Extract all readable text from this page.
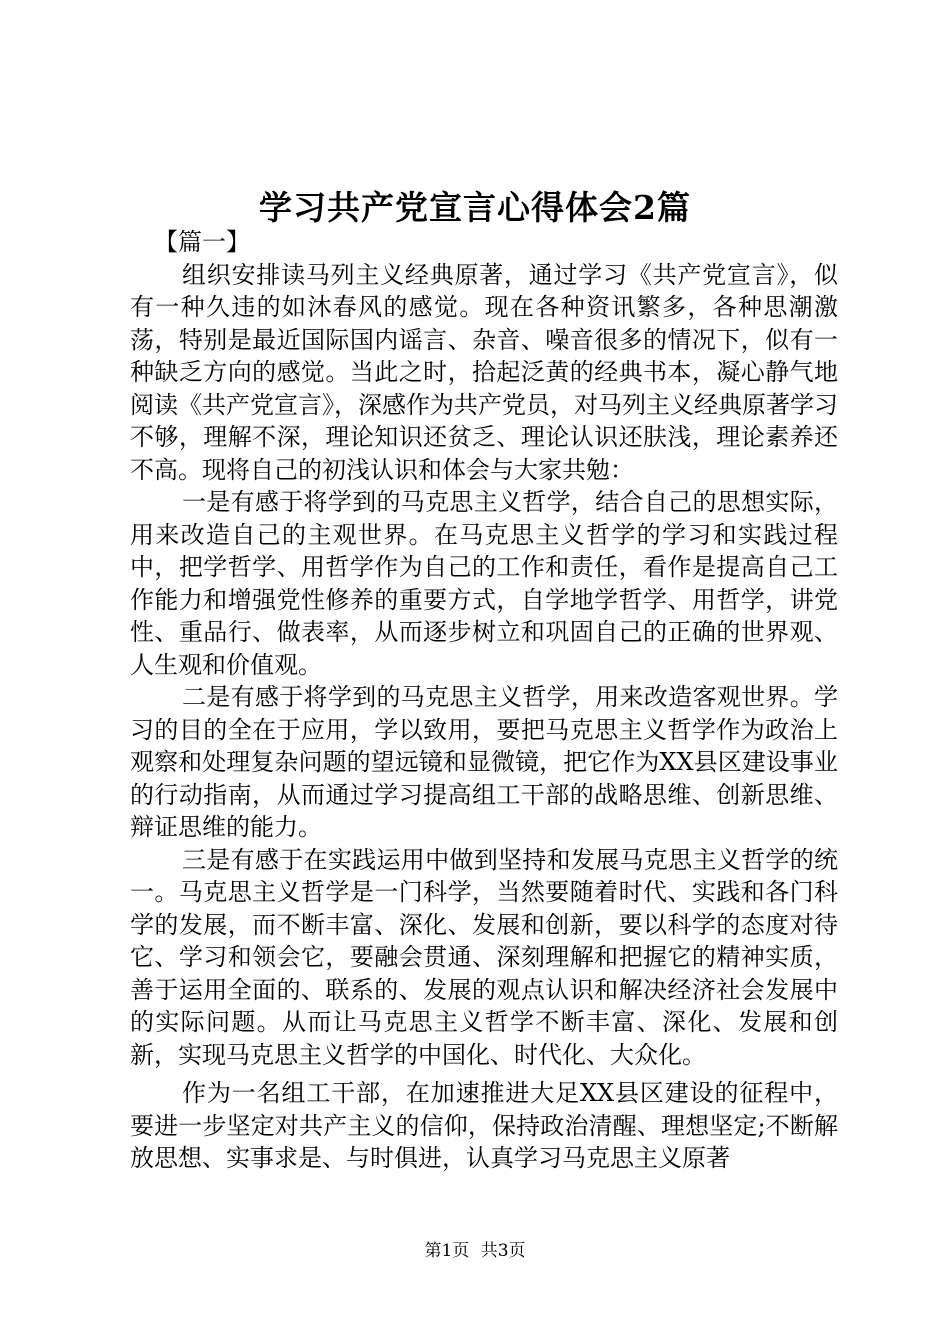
学习共产党宣言心得体会2篇

【篇一】

组织安排读马列主义经典原著，通过学习《共产党宣言》，似有一种久违的如沐春风的感觉。现在各种资讯繁多，各种思潮激荡，特别是最近国际国内谣言、杂音、噪音很多的情况下，似有一种缺乏方向的感觉。当此之时，拾起泛黄的经典书本，凝心静气地阅读《共产党宣言》，深感作为共产党员，对马列主义经典原著学习不够，理解不深，理论知识还贫乏、理论认识还肤浅，理论素养还不高。现将自己的初浅认识和体会与大家共勉：

一是有感于将学到的马克思主义哲学，结合自己的思想实际，用来改造自己的主观世界。在马克思主义哲学的学习和实践过程中，把学哲学、用哲学作为自己的工作和责任，看作是提高自己工作能力和增强党性修养的重要方式，自学地学哲学、用哲学，讲党性、重品行、做表率，从而逐步树立和巩固自己的正确的世界观、人生观和价值观。

二是有感于将学到的马克思主义哲学，用来改造客观世界。学习的目的全在于应用，学以致用，要把马克思主义哲学作为政治上观察和处理复杂问题的望远镜和显微镜，把它作为XX县区建设事业的行动指南，从而通过学习提高组工干部的战略思维、创新思维、辩证思维的能力。

三是有感于在实践运用中做到坚持和发展马克思主义哲学的统一。马克思主义哲学是一门科学，当然要随着时代、实践和各门科学的发展，而不断丰富、深化、发展和创新，要以科学的态度对待它、学习和领会它，要融会贯通、深刻理解和把握它的精神实质，善于运用全面的、联系的、发展的观点认识和解决经济社会发展中的实际问题。从而让马克思主义哲学不断丰富、深化、发展和创新，实现马克思主义哲学的中国化、时代化、大众化。

作为一名组工干部，在加速推进大足XX县区建设的征程中，要进一步坚定对共产主义的信仰，保持政治清醒、理想坚定;不断解放思想、实事求是、与时俱进，认真学习马克思主义原著

第1页 共3页
